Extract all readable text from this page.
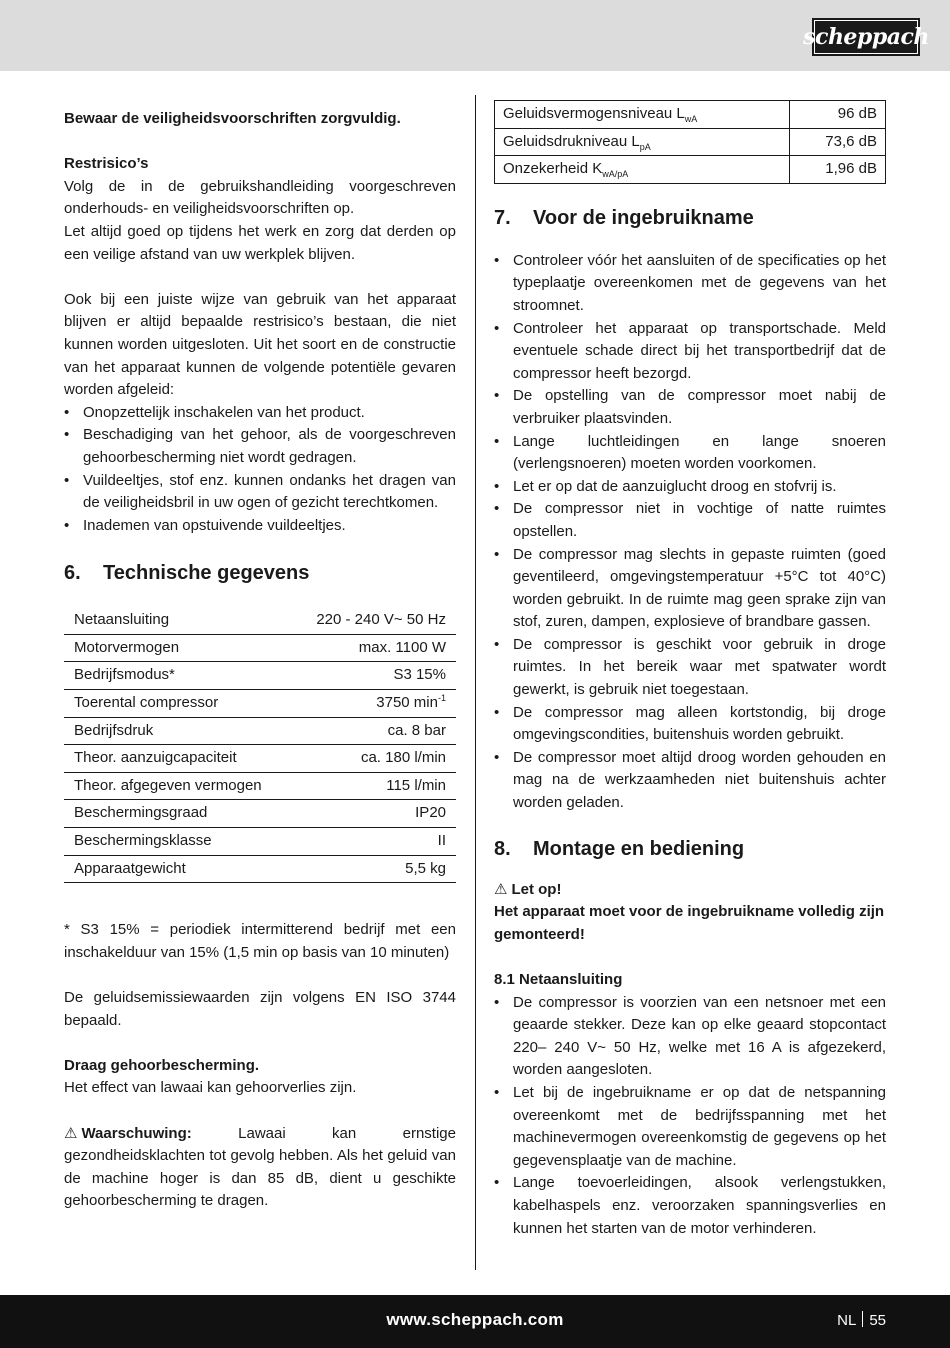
scheppach

Bewaar de veiligheidsvoorschriften zorgvuldig.

Restrisico’s

Volg de in de gebruikshandleiding voorgeschreven onderhouds- en veiligheidsvoorschriften op.

Let altijd goed op tijdens het werk en zorg dat derden op een veilige afstand van uw werkplek blijven.

Ook bij een juiste wijze van gebruik van het apparaat blijven er altijd bepaalde restrisico’s bestaan, die niet kunnen worden uitgesloten. Uit het soort en de constructie van het apparaat kunnen de volgende potentiële gevaren worden afgeleid:

• Onopzettelijk inschakelen van het product.
• Beschadiging van het gehoor, als de voorgeschreven gehoorbescherming niet wordt gedragen.
• Vuildeeltjes, stof enz. kunnen ondanks het dragen van de veiligheidsbril in uw ogen of gezicht terechtkomen.
• Inademen van opstuivende vuildeeltjes.
6.	Technische gegevens
Netaansluiting	220 - 240 V~ 50 Hz
Motorvermogen	max. 1100 W
Bedrijfsmodus*	S3 15%
Toerental compressor	3750 $\min^{-1}$
Bedrijfsdruk	ca. 8 bar
Theor. aanzuigcapaciteit	ca. 180 l/min
Theor. afgegeven vermogen	115 l/min
Beschermingsgraad	IP20
Beschermingsklasse	II
Apparaatgewicht	5,5 kg

* S3 15% = periodiek intermitterend bedrijf met een inschakelduur van 15% (1,5 min op basis van 10 minuten)

De geluidsemissiewaarden zijn volgens EN ISO 3744 bepaald.

Draag gehoorbescherming.

Het effect van lawaai kan gehoorverlies zijn.

⚠ Waarschuwing: Lawaai kan ernstige gezondheidsklachten tot gevolg hebben. Als het geluid van de machine hoger is dan 85 dB, dient u geschikte gehoorbescherming te dragen.

Geluidsvermogensniveau $L_{wA}$	96 dB
Geluidsdrukniveau $L_{pA}$	73,6 dB
Onzekerheid $K_{wA/pA}$	1,96 dB
7.	Voor de ingebruikname
• Controleer vóór het aansluiten of de specificaties op het typeplaatje overeenkomen met de gegevens van het stroomnet.
• Controleer het apparaat op transportschade. Meld eventuele schade direct bij het transportbedrijf dat de compressor heeft bezorgd.
• De opstelling van de compressor moet nabij de verbruiker plaatsvinden.
• Lange luchtleidingen en lange snoeren (verlengsnoeren) moeten worden voorkomen.
• Let er op dat de aanzuiglucht droog en stofvrij is.
• De compressor niet in vochtige of natte ruimtes opstellen.
• De compressor mag slechts in gepaste ruimten (goed geventileerd, omgevingstemperatuur +5°C tot 40°C) worden gebruikt. In de ruimte mag geen sprake zijn van stof, zuren, dampen, explosieve of brandbare gassen.
• De compressor is geschikt voor gebruik in droge ruimtes. In het bereik waar met spatwater wordt gewerkt, is gebruik niet toegestaan.
• De compressor mag alleen kortstondig, bij droge omgevingscondities, buitenshuis worden gebruikt.
• De compressor moet altijd droog worden gehouden en mag na de werkzaamheden niet buitenshuis achter worden geladen.
8.	Montage en bediening

⚠ Let op!

Het apparaat moet voor de ingebruikname volledig zijn gemonteerd!

8.1 Netaansluiting

• De compressor is voorzien van een netsnoer met een geaarde stekker. Deze kan op elke geaard stopcontact 220– 240 V~ 50 Hz, welke met 16 A is afgezekerd, worden aangesloten.
• Let bij de ingebruikname er op dat de netspanning overeenkomt met de bedrijfsspanning met het machinevermogen overeenkomstig de gegevens op het gegevensplaatje van de machine.
• Lange toevoerleidingen, alsook verlengstukken, kabelhaspels enz. veroorzaken spanningsverlies en kunnen het starten van de motor verhinderen.
www.scheppach.com	NL 55
